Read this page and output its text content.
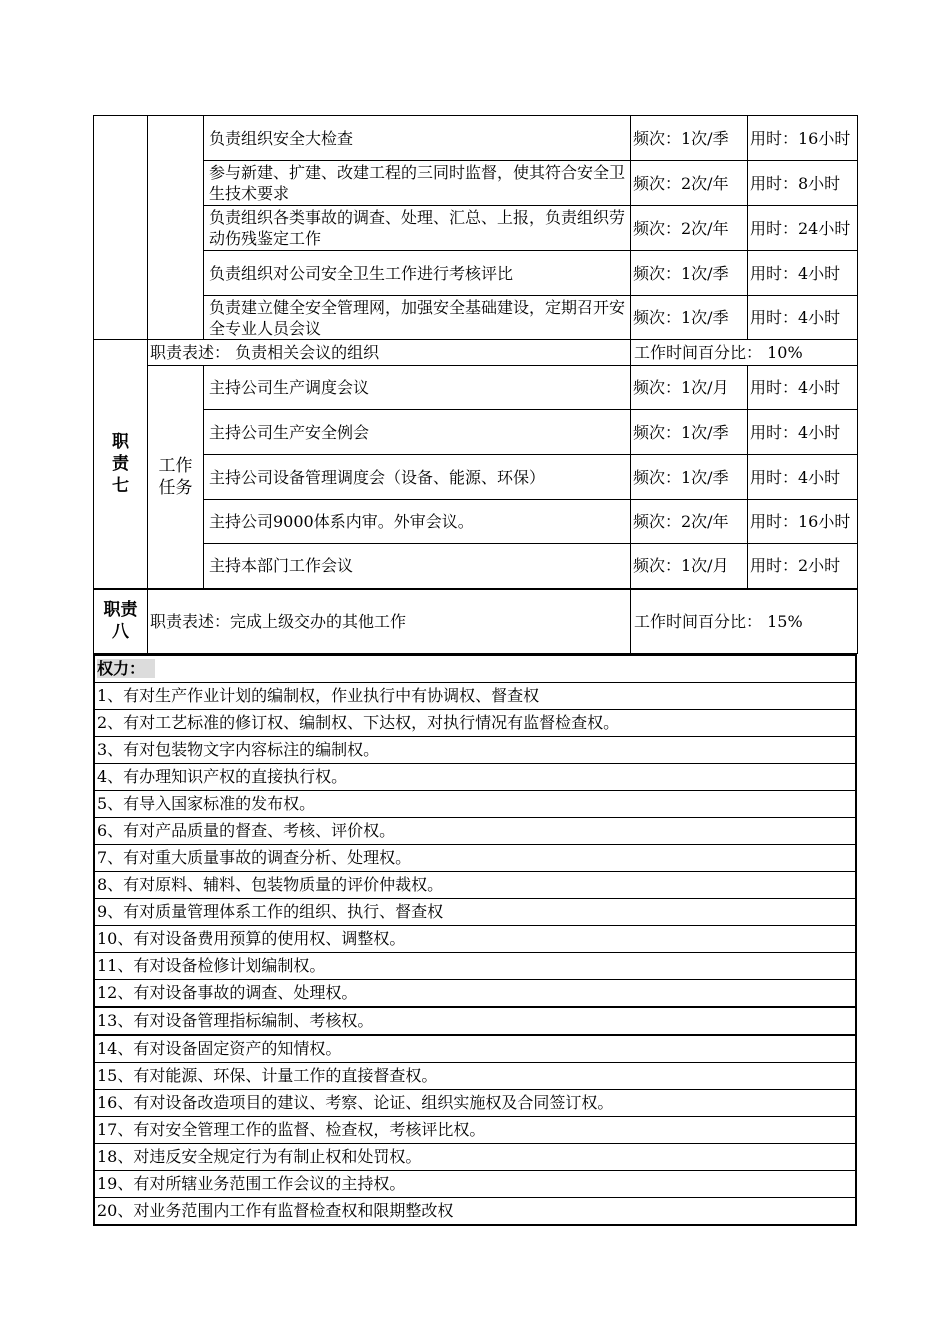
		负责组织安全大检查	频次：1次/季	用时：16小时
		参与新建、扩建、改建工程的三同时监督，使其符合安全卫生技术要求	频次：2次/年	用时：8小时
		负责组织各类事故的调查、处理、汇总、上报，负责组织劳动伤残鉴定工作	频次：2次/年	用时：24小时
		负责组织对公司安全卫生工作进行考核评比	频次：1次/季	用时：4小时
		负责建立健全安全管理网，加强安全基础建设，定期召开安全专业人员会议	频次：1次/季	用时：4小时
职责七	职责表述： 负责相关会议的组织		工作时间百分比： 10%	
	工作任务	主持公司生产调度会议	频次：1次/月	用时：4小时
		主持公司生产安全例会	频次：1次/季	用时：4小时
		主持公司设备管理调度会（设备、能源、环保）	频次：1次/季	用时：4小时
		主持公司9000体系内审。外审会议。	频次：2次/年	用时：16小时
		主持本部门工作会议	频次：1次/月	用时：2小时
职责八	职责表述：完成上级交办的其他工作		工作时间百分比： 15%	
权力：
1、有对生产作业计划的编制权，作业执行中有协调权、督查权
2、有对工艺标准的修订权、编制权、下达权，对执行情况有监督检查权。
3、有对包装物文字内容标注的编制权。
4、有办理知识产权的直接执行权。
5、有导入国家标准的发布权。
6、有对产品质量的督查、考核、评价权。
7、有对重大质量事故的调查分析、处理权。
8、有对原料、辅料、包装物质量的评价仲裁权。
9、有对质量管理体系工作的组织、执行、督查权
10、有对设备费用预算的使用权、调整权。
11、有对设备检修计划编制权。
12、有对设备事故的调查、处理权。
13、有对设备管理指标编制、考核权。
14、有对设备固定资产的知情权。
15、有对能源、环保、计量工作的直接督查权。
16、有对设备改造项目的建议、考察、论证、组织实施权及合同签订权。
17、有对安全管理工作的监督、检查权，考核评比权。
18、对违反安全规定行为有制止权和处罚权。
19、有对所辖业务范围工作会议的主持权。
20、对业务范围内工作有监督检查权和限期整改权
